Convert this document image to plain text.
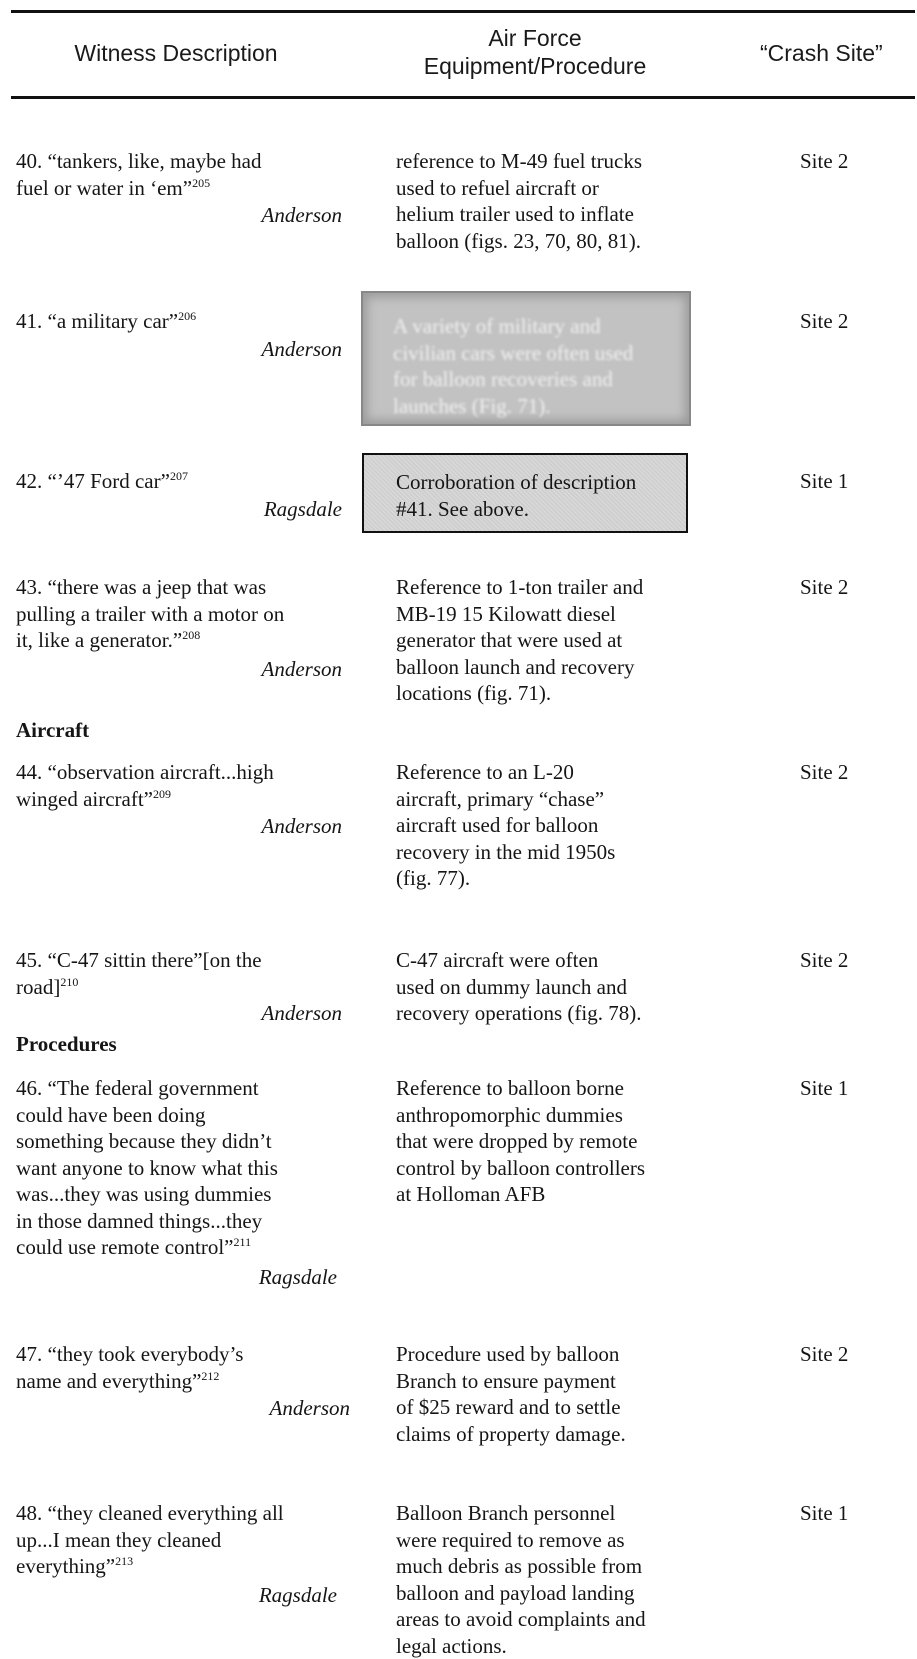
Witness Description
Air Force
Equipment/Procedure	“Crash Site”

40. “tankers, like, maybe had

fuel or water in ‘em”$^{205}$

Anderson
reference to M-49 fuel trucks
used to refuel aircraft or
helium trailer used to inflate
balloon (figs. 23, 70, 80, 81).
Site 2

41. “a military car”$^{206}$

Anderson
A variety of military and
civilian cars were often used
for balloon recoveries and
launches (Fig. 71).
Site 2

42. “’47 Ford car”$^{207}$

Ragsdale
Corroboration of description
#41. See above.
Site 1

43. “there was a jeep that was

pulling a trailer with a motor on

it, like a generator.”$^{208}$

Anderson
Reference to 1-ton trailer and
MB-19 15 Kilowatt diesel
generator that were used at
balloon launch and recovery
locations (fig. 71).
Site 2
Aircraft

44. “observation aircraft...high

winged aircraft”$^{209}$

Anderson
Reference to an L-20
aircraft, primary “chase”
aircraft used for balloon
recovery in the mid 1950s
(fig. 77).
Site 2

45. “C-47 sittin there”[on the

road]$^{210}$

Anderson
C-47 aircraft were often
used on dummy launch and
recovery operations (fig. 78).
Site 2
Procedures

46. “The federal government

could have been doing

something because they didn’t

want anyone to know what this

was...they was using dummies

in those damned things...they

could use remote control”$^{211}$

Ragsdale
Reference to balloon borne
anthropomorphic dummies
that were dropped by remote
control by balloon controllers
at Holloman AFB
Site 1

47. “they took everybody’s

name and everything”$^{212}$

Anderson
Procedure used by balloon
Branch to ensure payment
of $25 reward and to settle
claims of property damage.
Site 2

48. “they cleaned everything all

up...I mean they cleaned

everything”$^{213}$

Ragsdale
Balloon Branch personnel
were required to remove as
much debris as possible from
balloon and payload landing
areas to avoid complaints and
legal actions.
Site 1
